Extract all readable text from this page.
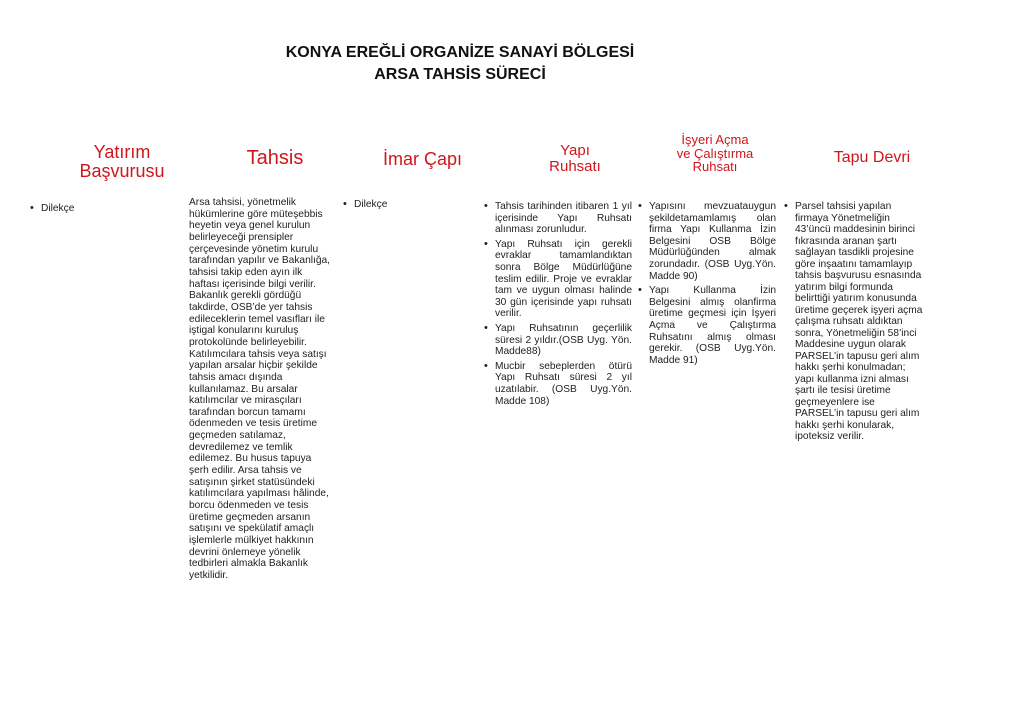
KONYA EREĞLİ ORGANİZE SANAYİ BÖLGESİ
ARSA TAHSİS SÜRECİ
Yatırım
Başvurusu
• Dilekçe
Tahsis
Arsa tahsisi, yönetmelik hükümlerine göre müteşebbis heyetin veya genel kurulun belirleyeceği prensipler çerçevesinde yönetim kurulu tarafından yapılır ve Bakanlığa, tahsisi takip eden ayın ilk haftası içerisinde bilgi verilir. Bakanlık gerekli gördüğü takdirde, OSB’de yer tahsis edileceklerin temel vasıfları ile iştigal konularını kuruluş protokolünde belirleyebilir. Katılımcılara tahsis veya satışı yapılan arsalar hiçbir şekilde tahsis amacı dışında kullanılamaz. Bu arsalar katılımcılar ve mirasçıları tarafından borcun tamamı ödenmeden ve tesis üretime geçmeden satılamaz, devredilemez ve temlik edilemez. Bu husus tapuya şerh edilir. Arsa tahsis ve satışının şirket statüsündeki katılımcılara yapılması hâlinde, borcu ödenmeden ve tesis üretime geçmeden arsanın satışını ve spekülatif amaçlı işlemlerle mülkiyet hakkının devrini önlemeye yönelik tedbirleri almakla Bakanlık yetkilidir.
İmar Çapı
• Dilekçe
Yapı
Ruhsatı
• Tahsis tarihinden itibaren 1 yıl içerisinde Yapı Ruhsatı alınması zorunludur.
• Yapı Ruhsatı için gerekli evraklar tamamlandıktan sonra Bölge Müdürlüğüne teslim edilir. Proje ve evraklar tam ve uygun olması halinde 30 gün içerisinde yapı ruhsatı verilir.
• Yapı Ruhsatının geçerlilik süresi 2 yıldır.(OSB Uyg. Yön. Madde88)
• Mucbir sebeplerden ötürü Yapı Ruhsatı süresi 2 yıl uzatılabir. (OSB Uyg.Yön. Madde 108)
İşyeri Açma
ve Çalıştırma
Ruhsatı
• Yapısını mevzuatauygun şekildetamamlamış olan firma Yapı Kullanma İzin Belgesini OSB Bölge Müdürlüğünden almak zorundadır. (OSB Uyg.Yön. Madde 90)
• Yapı Kullanma İzin Belgesini almış olanfirma üretime geçmesi için İşyeri Açma ve Çalıştırma Ruhsatını almış olması gerekir. (OSB Uyg.Yön. Madde 91)
Tapu Devri
• Parsel tahsisi yapılan firmaya Yönetmeliğin 43’üncü maddesinin birinci fıkrasında aranan şartı sağlayan tasdikli projesine göre inşaatını tamamlayıp tahsis başvurusu esnasında yatırım bilgi formunda belirttiği yatırım konusunda üretime geçerek işyeri açma çalışma ruhsatı aldıktan sonra, Yönetmeliğin 58’inci Maddesine uygun olarak PARSEL’in tapusu geri alım hakkı şerhi konulmadan; yapı kullanma izni alması şartı ile tesisi üretime geçmeyenlere ise PARSEL’in tapusu geri alım hakkı şerhi konularak, ipoteksiz verilir.
